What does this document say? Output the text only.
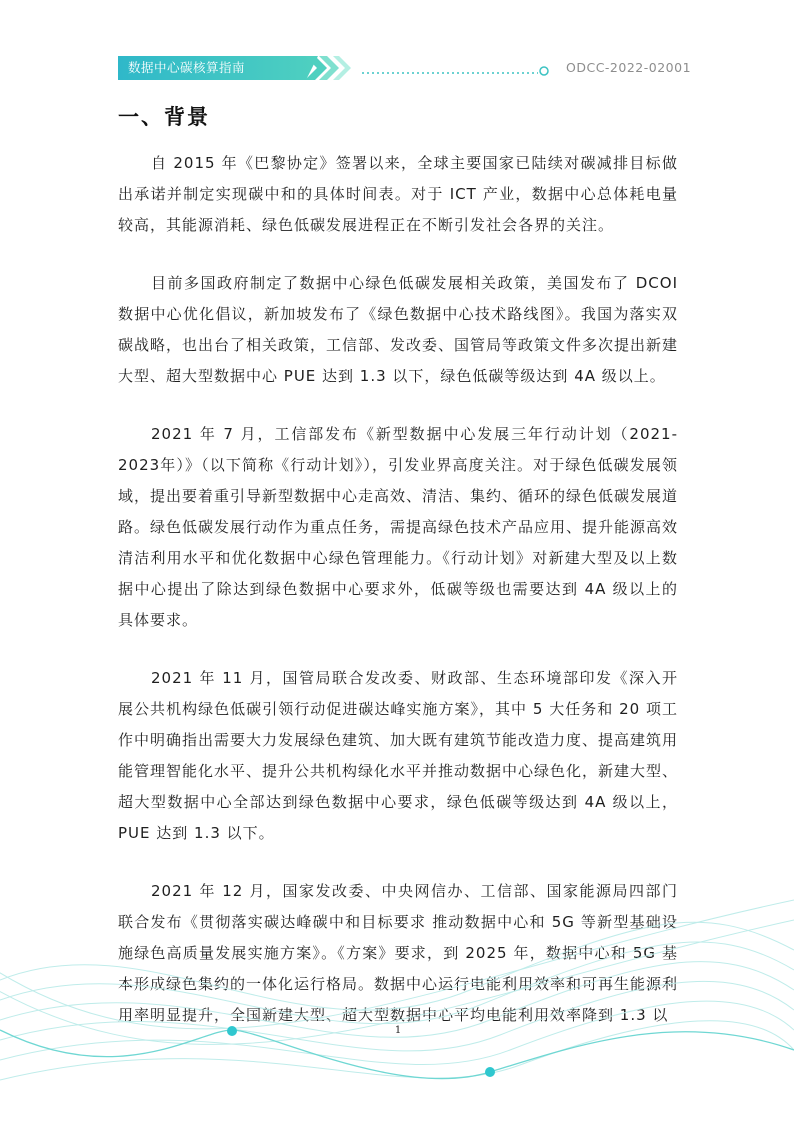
数据中心碳核算指南	ODCC-2022-02001
一、背景

自 2015 年《巴黎协定》签署以来，全球主要国家已陆续对碳减排目标做出承诺并制定实现碳中和的具体时间表。对于 ICT 产业，数据中心总体耗电量较高，其能源消耗、绿色低碳发展进程正在不断引发社会各界的关注。

目前多国政府制定了数据中心绿色低碳发展相关政策，美国发布了 DCOI 数据中心优化倡议，新加坡发布了《绿色数据中心技术路线图》。我国为落实双碳战略，也出台了相关政策，工信部、发改委、国管局等政策文件多次提出新建大型、超大型数据中心 PUE 达到 1.3 以下，绿色低碳等级达到 4A 级以上。

2021 年 7 月，工信部发布《新型数据中心发展三年行动计划（2021-2023年）》（以下简称《行动计划》），引发业界高度关注。对于绿色低碳发展领域，提出要着重引导新型数据中心走高效、清洁、集约、循环的绿色低碳发展道路。绿色低碳发展行动作为重点任务，需提高绿色技术产品应用、提升能源高效清洁利用水平和优化数据中心绿色管理能力。《行动计划》对新建大型及以上数据中心提出了除达到绿色数据中心要求外，低碳等级也需要达到 4A 级以上的具体要求。

2021 年 11 月，国管局联合发改委、财政部、生态环境部印发《深入开展公共机构绿色低碳引领行动促进碳达峰实施方案》，其中 5 大任务和 20 项工作中明确指出需要大力发展绿色建筑、加大既有建筑节能改造力度、提高建筑用能管理智能化水平、提升公共机构绿化水平并推动数据中心绿色化，新建大型、超大型数据中心全部达到绿色数据中心要求，绿色低碳等级达到 4A 级以上，PUE 达到 1.3 以下。

2021 年 12 月，国家发改委、中央网信办、工信部、国家能源局四部门联合发布《贯彻落实碳达峰碳中和目标要求 推动数据中心和 5G 等新型基础设施绿色高质量发展实施方案》。《方案》要求，到 2025 年，数据中心和 5G 基本形成绿色集约的一体化运行格局。数据中心运行电能利用效率和可再生能源利用率明显提升，全国新建大型、超大型数据中心平均电能利用效率降到 1.3 以

1
